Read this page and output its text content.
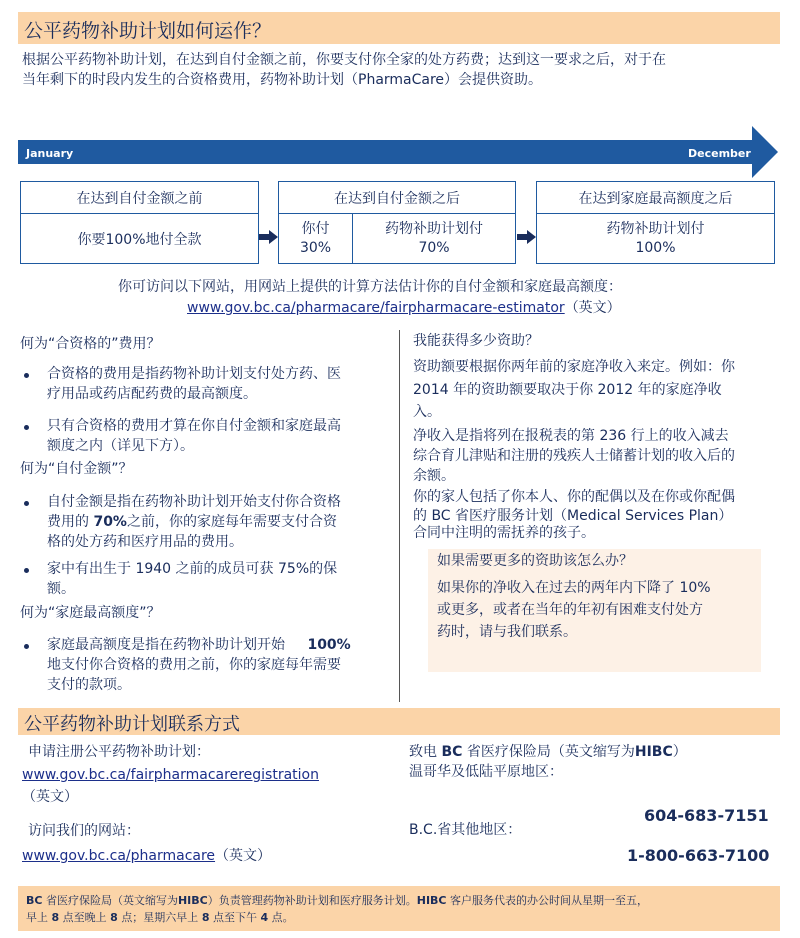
公平药物补助计划如何运作？
根据公平药物补助计划，在达到自付金额之前，你要支付你全家的处方药费；达到这一要求之后，对于在
当年剩下的时段内发生的合资格费用，药物补助计划（PharmaCare）会提供资助。
January	December
在达到自付金额之前
你要100%地付全款
在达到自付金额之后
你付
30%
药物补助计划付
70%
在达到家庭最高额度之后
药物补助计划付
100%
你可访问以下网站，用网站上提供的计算方法估计你的自付金额和家庭最高额度：
www.gov.bc.ca/pharmacare/fairpharmacare-estimator（英文）
何为“合资格的”费用？
合资格的费用是指药物补助计划支付处方药、医
疗用品或药店配药费的最高额度。
只有合资格的费用才算在你自付金额和家庭最高
额度之内（详见下方）。
何为“自付金额”？
自付金额是指在药物补助计划开始支付你合资格
费用的 70%之前，你的家庭每年需要支付合资
格的处方药和医疗用品的费用。
家中有出生于 1940 之前的成员可获 75%的保
额。
何为“家庭最高额度”？
家庭最高额度是指在药物补助计划开始 100%
地支付你合资格的费用之前，你的家庭每年需要
支付的款项。
我能获得多少资助？
资助额要根据你两年前的家庭净收入来定。例如：你
2014 年的资助额要取决于你 2012 年的家庭净收
入。
净收入是指将列在报税表的第 236 行上的收入减去
综合育儿津贴和注册的残疾人士储蓄计划的收入后的
余额。
你的家人包括了你本人、你的配偶以及在你或你配偶
的 BC 省医疗服务计划（Medical Services Plan）
合同中注明的需抚养的孩子。
如果需要更多的资助该怎么办？
如果你的净收入在过去的两年内下降了 10%
或更多，或者在当年的年初有困难支付处方
药时，请与我们联系。
公平药物补助计划联系方式
申请注册公平药物补助计划：
www.gov.bc.ca/fairpharmacareregistration
（英文）
访问我们的网站：
www.gov.bc.ca/pharmacare（英文）
致电 BC 省医疗保险局（英文缩写为HIBC）
温哥华及低陆平原地区：
604-683-7151
B.C.省其他地区：
1-800-663-7100
BC 省医疗保险局（英文缩写为HIBC）负责管理药物补助计划和医疗服务计划。HIBC 客户服务代表的办公时间从星期一至五，
早上 8 点至晚上 8 点；星期六早上 8 点至下午 4 点。
